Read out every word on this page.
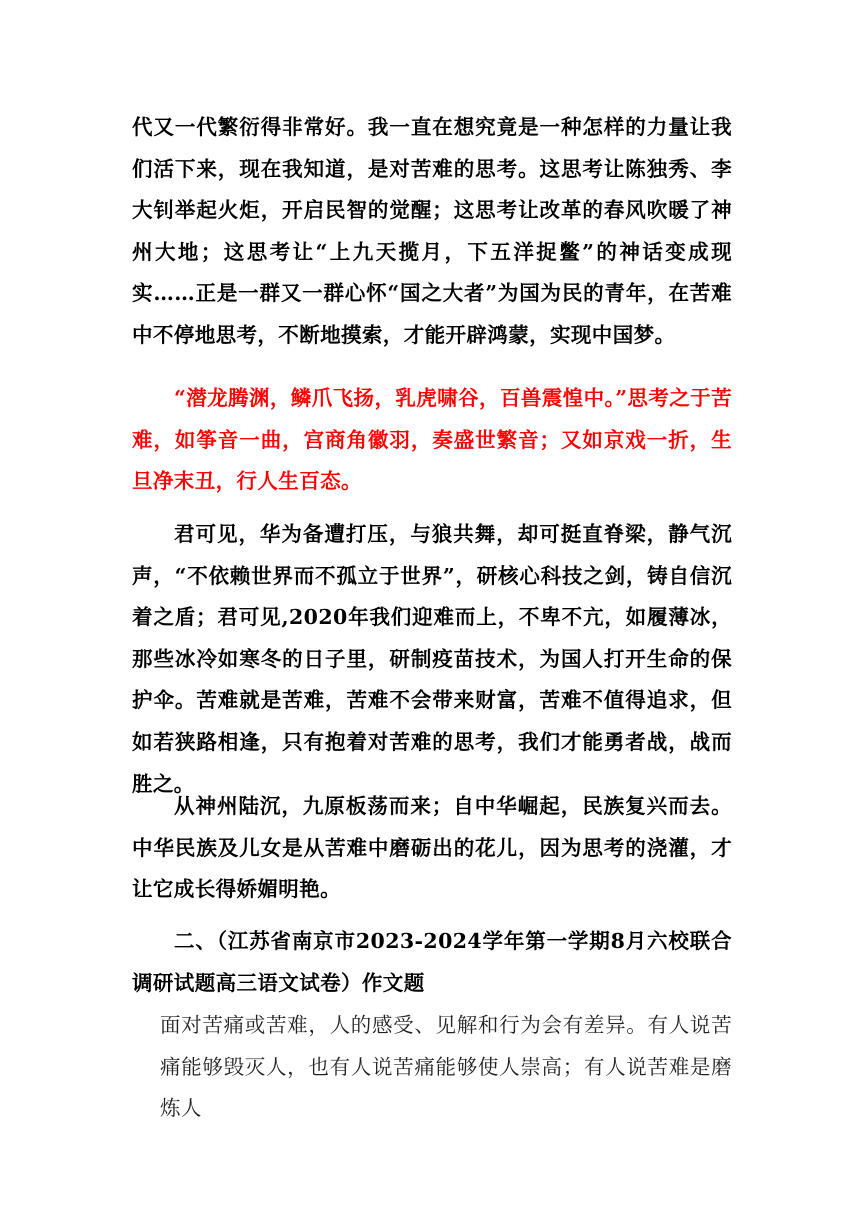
代又一代繁衍得非常好。我一直在想究竟是一种怎样的力量让我们活下来，现在我知道，是对苦难的思考。这思考让陈独秀、李大钊举起火炬，开启民智的觉醒；这思考让改革的春风吹暖了神州大地；这思考让“上九天揽月，下五洋捉鳖”的神话变成现实……正是一群又一群心怀“国之大者”为国为民的青年，在苦难中不停地思考，不断地摸索，才能开辟鸿蒙，实现中国梦。

“潜龙腾渊，鳞爪飞扬，乳虎啸谷，百兽震惶中。”思考之于苦难，如筝音一曲，宫商角徽羽，奏盛世繁音；又如京戏一折，生旦净末丑，行人生百态。

君可见，华为备遭打压，与狼共舞，却可挺直脊梁，静气沉声，“不依赖世界而不孤立于世界”，研核心科技之剑，铸自信沉着之盾；君可见,2020年我们迎难而上，不卑不亢，如履薄冰，那些冰冷如寒冬的日子里，研制疫苗技术，为国人打开生命的保护伞。苦难就是苦难，苦难不会带来财富，苦难不值得追求，但如若狭路相逢，只有抱着对苦难的思考，我们才能勇者战，战而胜之。

从神州陆沉，九原板荡而来；自中华崛起，民族复兴而去。中华民族及儿女是从苦难中磨砺出的花儿，因为思考的浇灌，才让它成长得娇媚明艳。

二、（江苏省南京市2023-2024学年第一学期8月六校联合调研试题高三语文试卷）作文题

面对苦痛或苦难，人的感受、见解和行为会有差异。有人说苦痛能够毁灭人，也有人说苦痛能够使人崇高；有人说苦难是磨炼人
